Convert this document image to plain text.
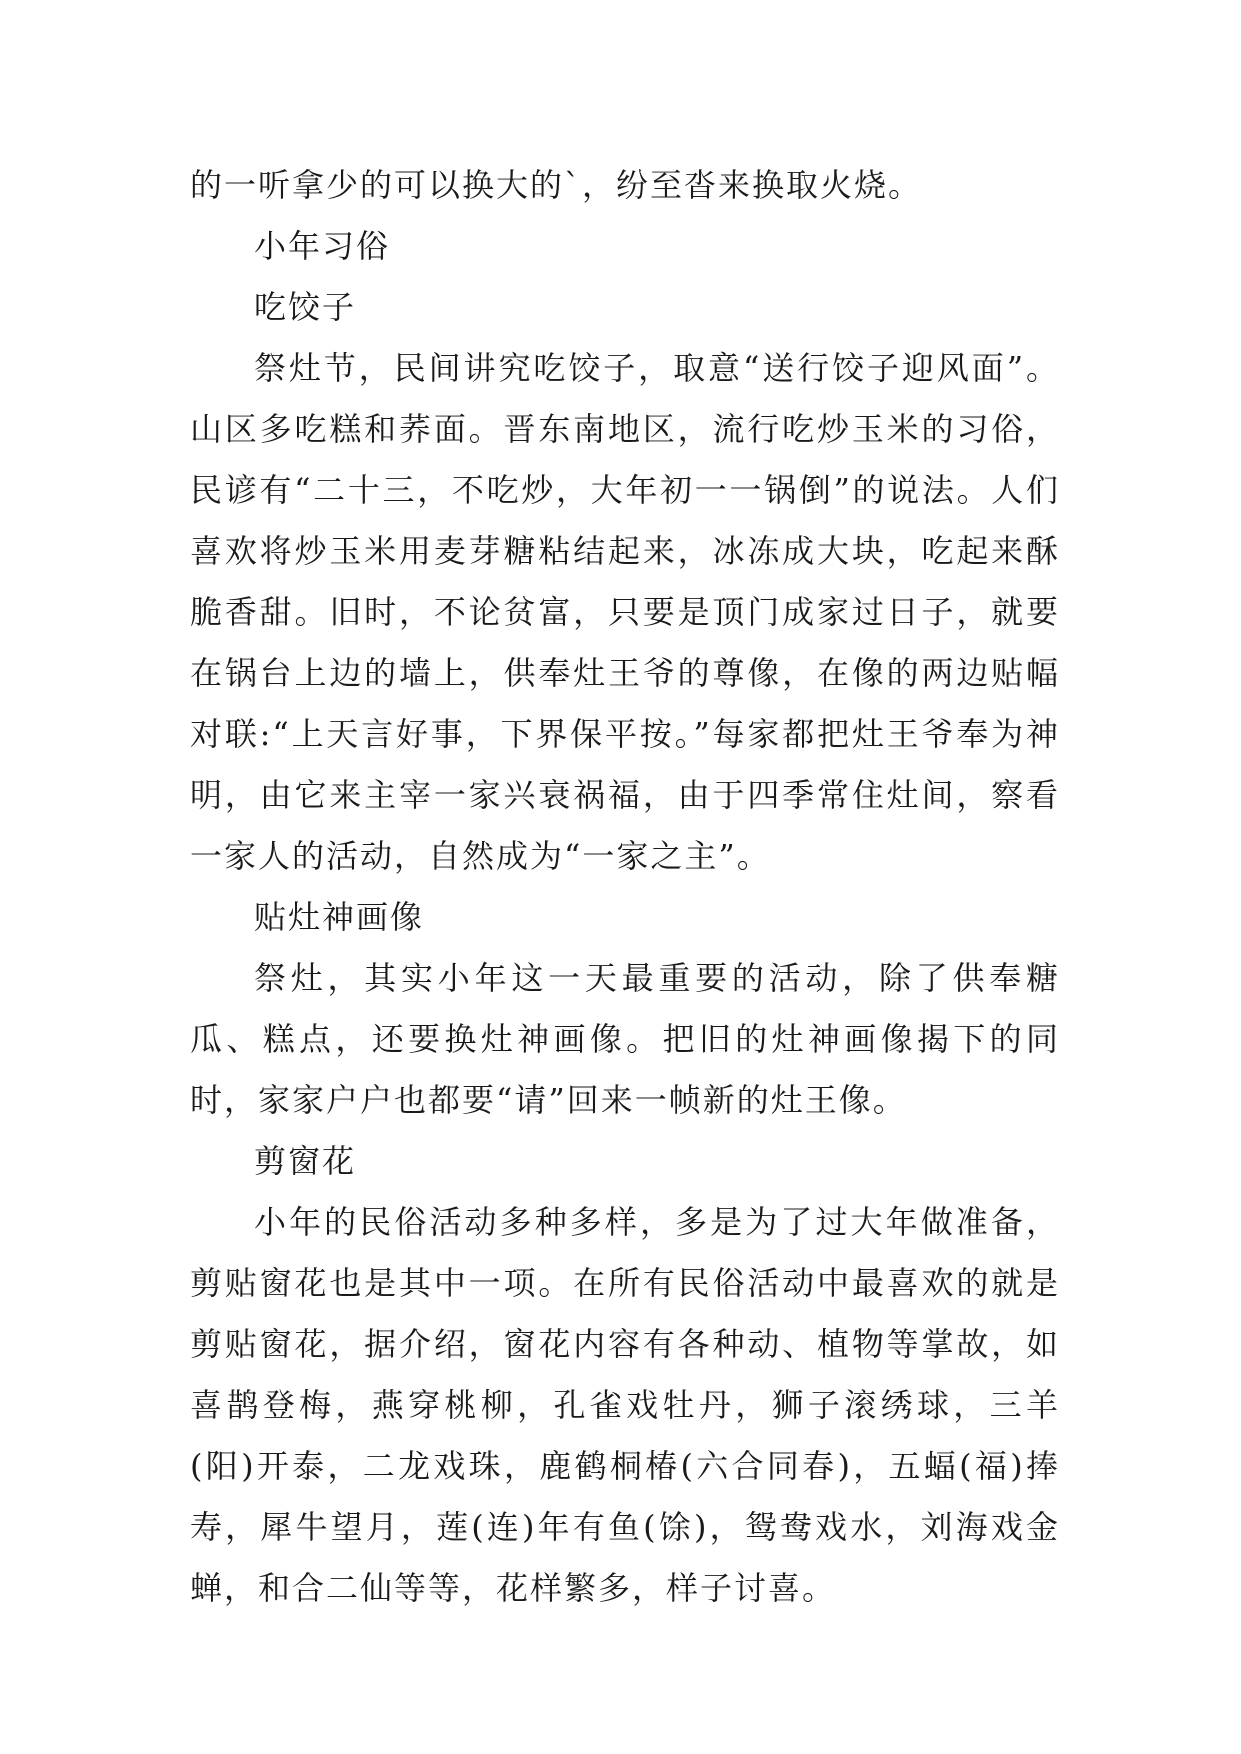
的一听拿少的可以换大的`，纷至沓来换取火烧。

小年习俗

吃饺子

祭灶节，民间讲究吃饺子，取意“送行饺子迎风面”。山区多吃糕和荞面。晋东南地区，流行吃炒玉米的习俗，民谚有“二十三，不吃炒，大年初一一锅倒”的说法。人们喜欢将炒玉米用麦芽糖粘结起来，冰冻成大块，吃起来酥脆香甜。旧时，不论贫富，只要是顶门成家过日子，就要在锅台上边的墙上，供奉灶王爷的尊像，在像的两边贴幅对联:“上天言好事，下界保平按。”每家都把灶王爷奉为神明，由它来主宰一家兴衰祸福，由于四季常住灶间，察看一家人的活动，自然成为“一家之主”。

贴灶神画像

祭灶，其实小年这一天最重要的活动，除了供奉糖瓜、糕点，还要换灶神画像。把旧的灶神画像揭下的同时，家家户户也都要“请”回来一帧新的灶王像。

剪窗花

小年的民俗活动多种多样，多是为了过大年做准备，剪贴窗花也是其中一项。在所有民俗活动中最喜欢的就是剪贴窗花，据介绍，窗花内容有各种动、植物等掌故，如喜鹊登梅，燕穿桃柳，孔雀戏牡丹，狮子滚绣球，三羊(阳)开泰，二龙戏珠，鹿鹤桐椿(六合同春)，五蝠(福)捧寿，犀牛望月，莲(连)年有鱼(馀)，鸳鸯戏水，刘海戏金蝉，和合二仙等等，花样繁多，样子讨喜。
